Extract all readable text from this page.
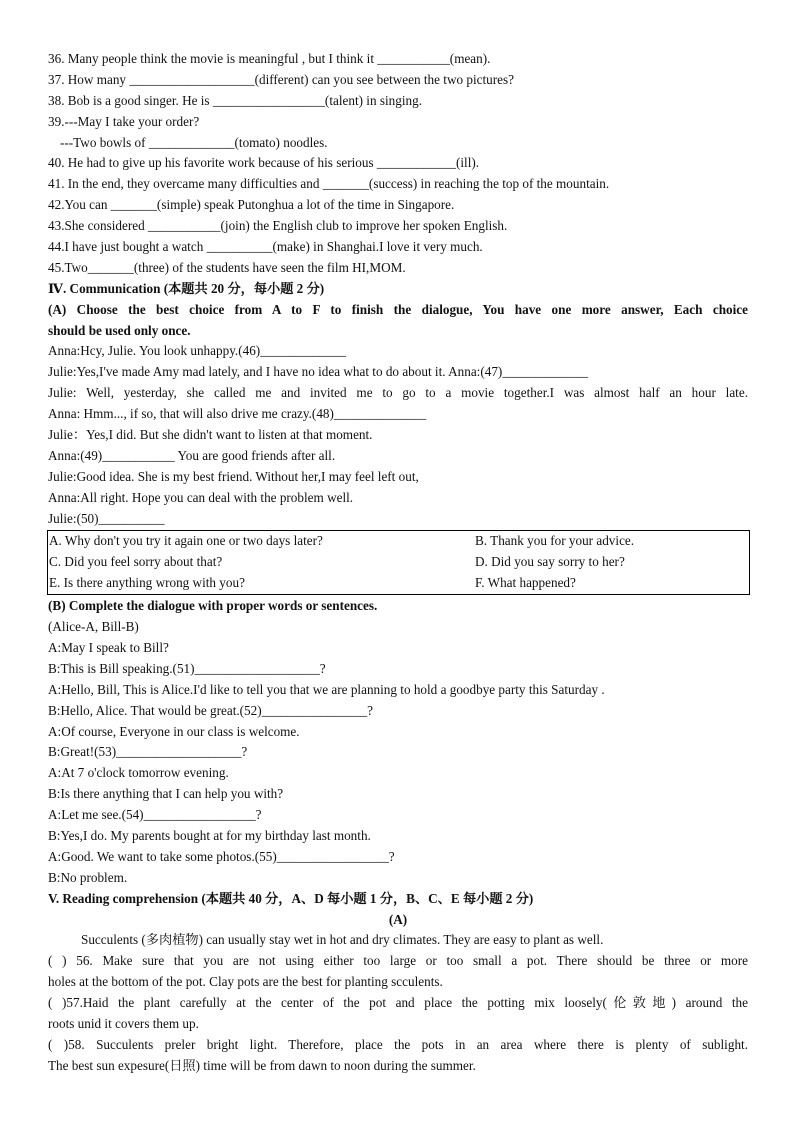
36. Many people think the movie is meaningful , but I think it ___________(mean).
37. How many ___________________(different) can you see between the two pictures?
38. Bob is a good singer. He is _________________(talent) in singing.
39.---May I take your order?
---Two bowls of _____________(tomato) noodles.
40. He had to give up his favorite work because of his serious ____________(ill).
41. In the end, they overcame many difficulties and _______(success) in reaching the top of the mountain.
42.You can _______(simple) speak Putonghua a lot of the time in Singapore.
43.She considered ___________(join) the English club to improve her spoken English.
44.I have just bought a watch __________(make) in Shanghai.I love it very much.
45.Two_______(three) of the students have seen the film HI,MOM.
Ⅳ. Communication (本题共 20 分，每小题 2 分)
(A) Choose the best choice from A to F to finish the dialogue, You have one more answer, Each choice
should be used only once.
Anna:Hcy, Julie. You look unhappy.(46)_____________
Julie:Yes,I've made Amy mad lately, and I have no idea what to do about it. Anna:(47)_____________
Julie: Well, yesterday, she called me and invited me to go to a movie together.I was almost half an hour late.
Anna: Hmm..., if so, that will also drive me crazy.(48)______________
Julie：Yes,I did. But she didn't want to listen at that moment.
Anna:(49)___________ You are good friends after all.
Julie:Good idea. She is my best friend. Without her,I may feel left out,
Anna:All right. Hope you can deal with the problem well.
Julie:(50)__________
A. Why don't you try it again one or two days later?	B. Thank you for your advice.
C. Did you feel sorry about that?	D. Did you say sorry to her?
E. Is there anything wrong with you?	F. What happened?
(B) Complete the dialogue with proper words or sentences.
(Alice-A, Bill-B)
A:May I speak to Bill?
B:This is Bill speaking.(51)___________________?
A:Hello, Bill, This is Alice.I'd like to tell you that we are planning to hold a goodbye party this Saturday .
B:Hello, Alice. That would be great.(52)________________?
A:Of course, Everyone in our class is welcome.
B:Great!(53)___________________?
A:At 7 o'clock tomorrow evening.
B:Is there anything that I can help you with?
A:Let me see.(54)_________________?
B:Yes,I do. My parents bought at for my birthday last month.
A:Good. We want to take some photos.(55)_________________?
B:No problem.
V. Reading comprehension (本题共 40 分，A、D 每小题 1 分，B、C、E 每小题 2 分)
(A)
Succulents (多肉植物) can usually stay wet in hot and dry climates. They are easy to plant as well.
( ) 56. Make sure that you are not using either too large or too small a pot. There should be three or more
holes at the bottom of the pot. Clay pots are the best for planting scculents.
( )57.Haid the plant carefully at the center of the pot and place the potting mix loosely(伦敦地) around the
roots unid it covers them up.
( )58. Succulents preler bright light. Therefore, place the pots in an area where there is plenty of sublight.
The best sun expesure(日照) time will be from dawn to noon during the summer.
